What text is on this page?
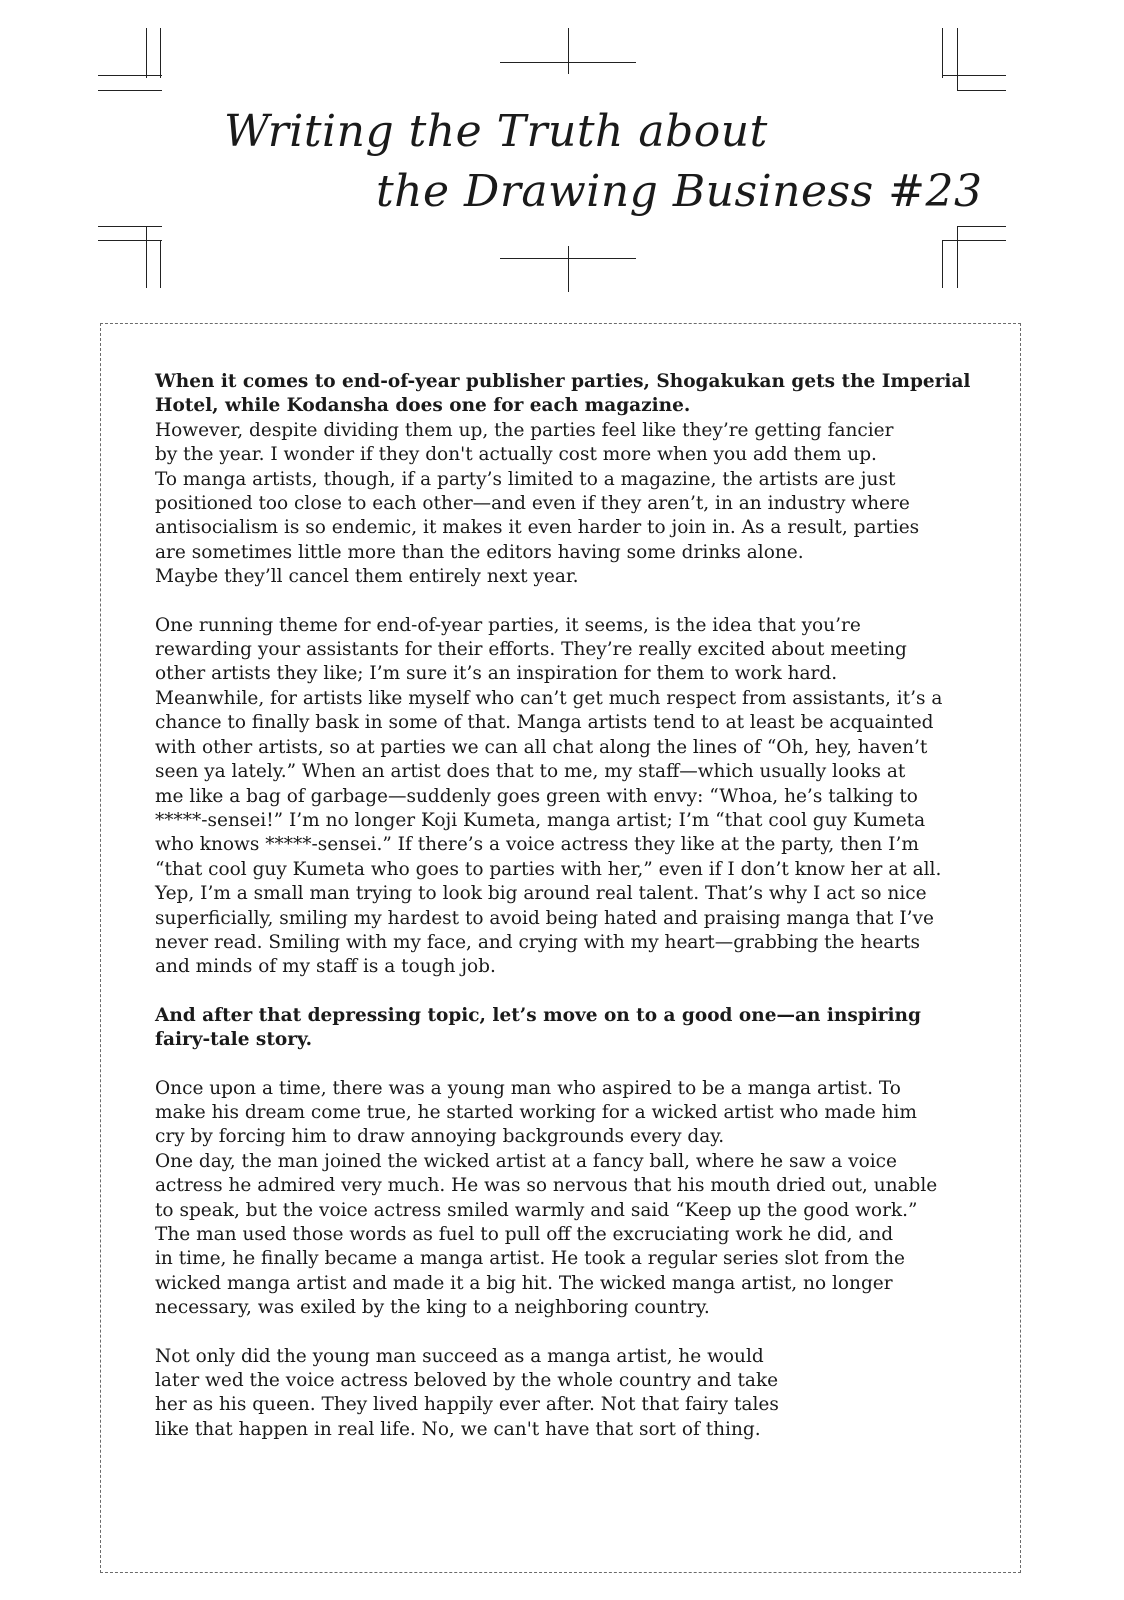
Writing the Truth about
the Drawing Business #23

When it comes to end-of-year publisher parties, Shogakukan gets the Imperial
Hotel, while Kodansha does one for each magazine.

However, despite dividing them up, the parties feel like they’re getting fancier
by the year. I wonder if they don't actually cost more when you add them up.
To manga artists, though, if a party’s limited to a magazine, the artists are just
positioned too close to each other—and even if they aren’t, in an industry where
antisocialism is so endemic, it makes it even harder to join in. As a result, parties
are sometimes little more than the editors having some drinks alone.
Maybe they’ll cancel them entirely next year.

One running theme for end-of-year parties, it seems, is the idea that you’re
rewarding your assistants for their efforts. They’re really excited about meeting
other artists they like; I’m sure it’s an inspiration for them to work hard.
Meanwhile, for artists like myself who can’t get much respect from assistants, it’s a
chance to finally bask in some of that. Manga artists tend to at least be acquainted
with other artists, so at parties we can all chat along the lines of “Oh, hey, haven’t
seen ya lately.” When an artist does that to me, my staff—which usually looks at
me like a bag of garbage—suddenly goes green with envy: “Whoa, he’s talking to
*****-sensei!” I’m no longer Koji Kumeta, manga artist; I’m “that cool guy Kumeta
who knows *****-sensei.” If there’s a voice actress they like at the party, then I’m
“that cool guy Kumeta who goes to parties with her,” even if I don’t know her at all.
Yep, I’m a small man trying to look big around real talent. That’s why I act so nice
superficially, smiling my hardest to avoid being hated and praising manga that I’ve
never read. Smiling with my face, and crying with my heart—grabbing the hearts
and minds of my staff is a tough job.

And after that depressing topic, let’s move on to a good one—an inspiring
fairy-tale story.

Once upon a time, there was a young man who aspired to be a manga artist. To
make his dream come true, he started working for a wicked artist who made him
cry by forcing him to draw annoying backgrounds every day.
One day, the man joined the wicked artist at a fancy ball, where he saw a voice
actress he admired very much. He was so nervous that his mouth dried out, unable
to speak, but the voice actress smiled warmly and said “Keep up the good work.”
The man used those words as fuel to pull off the excruciating work he did, and
in time, he finally became a manga artist. He took a regular series slot from the
wicked manga artist and made it a big hit. The wicked manga artist, no longer
necessary, was exiled by the king to a neighboring country.

Not only did the young man succeed as a manga artist, he would
later wed the voice actress beloved by the whole country and take
her as his queen. They lived happily ever after. Not that fairy tales
like that happen in real life. No, we can't have that sort of thing.
